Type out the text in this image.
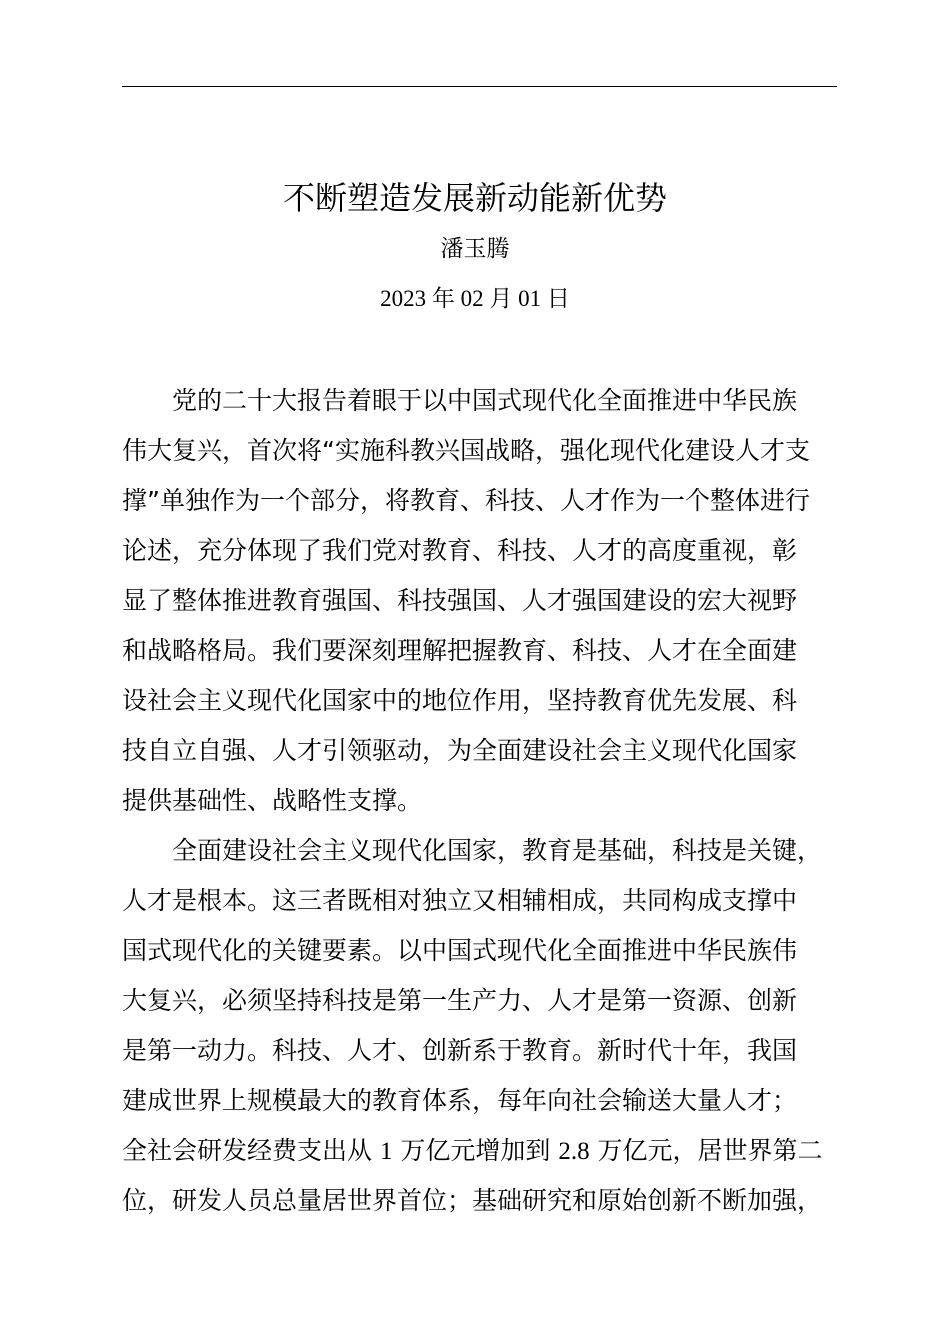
不断塑造发展新动能新优势
潘玉腾
2023 年 02 月 01 日
党的二十大报告着眼于以中国式现代化全面推进中华民族
伟大复兴，首次将“实施科教兴国战略，强化现代化建设人才支
撑”单独作为一个部分，将教育、科技、人才作为一个整体进行
论述，充分体现了我们党对教育、科技、人才的高度重视，彰
显了整体推进教育强国、科技强国、人才强国建设的宏大视野
和战略格局。我们要深刻理解把握教育、科技、人才在全面建
设社会主义现代化国家中的地位作用，坚持教育优先发展、科
技自立自强、人才引领驱动，为全面建设社会主义现代化国家
提供基础性、战略性支撑。
全面建设社会主义现代化国家，教育是基础，科技是关键，
人才是根本。这三者既相对独立又相辅相成，共同构成支撑中
国式现代化的关键要素。以中国式现代化全面推进中华民族伟
大复兴，必须坚持科技是第一生产力、人才是第一资源、创新
是第一动力。科技、人才、创新系于教育。新时代十年，我国
建成世界上规模最大的教育体系，每年向社会输送大量人才；
全社会研发经费支出从 1 万亿元增加到 2.8 万亿元，居世界第二
位，研发人员总量居世界首位；基础研究和原始创新不断加强，
